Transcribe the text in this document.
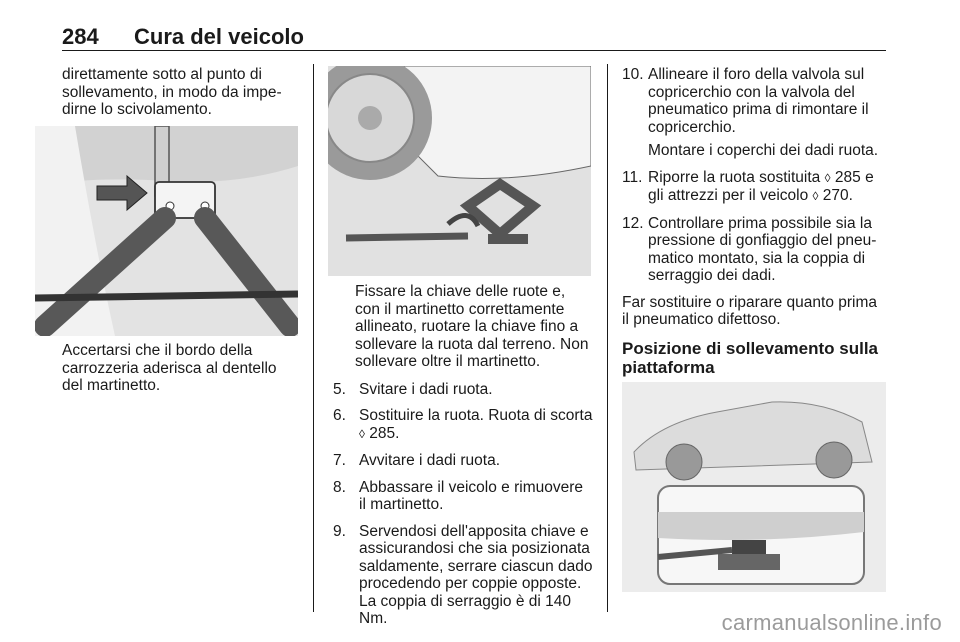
284 Cura del veicolo

direttamente sotto al punto di sollevamento, in modo da impe-dirne lo scivolamento.

Accertarsi che il bordo della carrozzeria aderisca al dentello del martinetto.

Fissare la chiave delle ruote e, con il martinetto correttamente allineato, ruotare la chiave fino a sollevare la ruota dal terreno. Non sollevare oltre il martinetto.

5. Svitare i dadi ruota.
6. Sostituire la ruota. Ruota di scorta
◊ 285.
7. Avvitare i dadi ruota.
8. Abbassare il veicolo e rimuovere il martinetto.
9. Servendosi dell'apposita chiave e assicurandosi che sia posizionata saldamente, serrare ciascun dado procedendo per coppie opposte. La coppia di serraggio è di 140 Nm.
10. Allineare il foro della valvola sul copricerchio con la valvola del pneumatico prima di rimontare il copricerchio.
Montare i coperchi dei dadi ruota.
11. Riporre la ruota sostituita ◊ 285 e gli attrezzi per il veicolo ◊ 270.
12. Controllare prima possibile sia la pressione di gonfiaggio del pneu-matico montato, sia la coppia di serraggio dei dadi.

Far sostituire o riparare quanto prima il pneumatico difettoso.

Posizione di sollevamento sulla piattaforma
carmanualsonline.info
